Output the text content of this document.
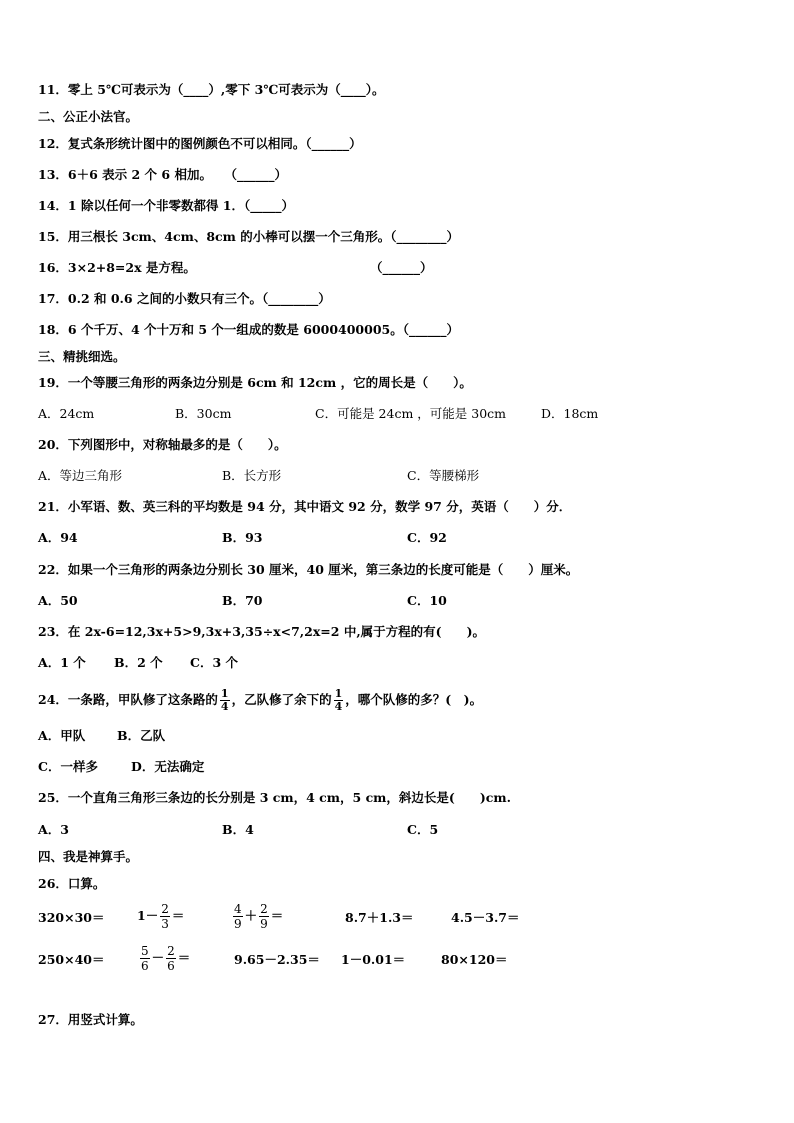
11．零上 5℃可表示为（____）,零下 3℃可表示为（____）。
二、公正小法官。
12．复式条形统计图中的图例颜色不可以相同。（______）
13．6＋6 表示 2 个 6 相加。　　（______）
14．1 除以任何一个非零数都得 1．（_____）
15．用三根长 3cm、4cm、8cm 的小棒可以摆一个三角形。（________）
16．3×2+8=2x 是方程。	（______）
17．0.2 和 0.6 之间的小数只有三个。（________）
18．6 个千万、4 个十万和 5 个一组成的数是 6000400005。（______）
三、精挑细选。
19．一个等腰三角形的两条边分别是 6cm 和 12cm ，它的周长是（　　）。
A．24cm	B．30cm	C．可能是 24cm ，可能是 30cm	D．18cm
20．下列图形中，对称轴最多的是（　　）。
A．等边三角形	B．长方形	C．等腰梯形
21．小军语、数、英三科的平均数是 94 分，其中语文 92 分，数学 97 分，英语（　　）分．
A．94	B．93	C．92
22．如果一个三角形的两条边分别长 30 厘米，40 厘米，第三条边的长度可能是（　　）厘米。
A．50	B．70	C．10
23．在 2x-6=12,3x+5>9,3x+3,35÷x<7,2x=2 中,属于方程的有(　　)。
A．1 个 B．2 个 C．3 个
24．一条路，甲队修了这条路的 $\frac{1}{4}$ ，乙队修了余下的 $\frac{1}{4}$ ，哪个队修的多？(　)。
A．甲队	B．乙队
C．一样多	D．无法确定
25．一个直角三角形三条边的长分别是 3 cm，4 cm，5 cm，斜边长是(　　)cm.
A．3	B．4	C．5
四、我是神算手。
26．口算。
320×30＝	$1- \frac{2}{3}$ ＝	$\frac{4}{9} + \frac{2}{9}$ ＝	8.7＋1.3＝	4.5－3.7＝
250×40＝	$\frac{5}{6} - \frac{2}{6}$ ＝	9.65－2.35＝ 1－0.01＝	80×120＝
27．用竖式计算。
